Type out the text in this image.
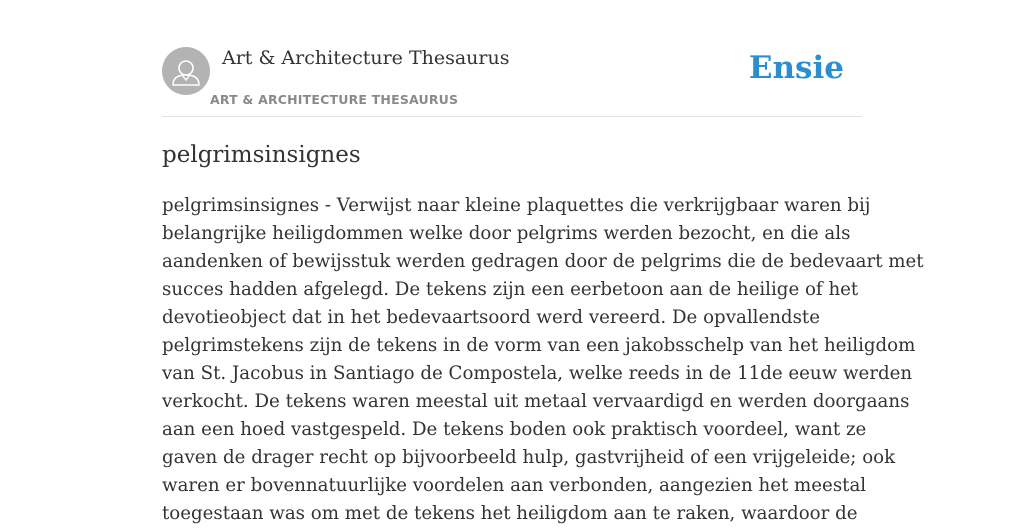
Art & Architecture Thesaurus
ART & ARCHITECTURE THESAURUS
Ensie
pelgrimsinsignes

pelgrimsinsignes - Verwijst naar kleine plaquettes die verkrijgbaar waren bij
belangrijke heiligdommen welke door pelgrims werden bezocht, en die als
aandenken of bewijsstuk werden gedragen door de pelgrims die de bedevaart met
succes hadden afgelegd. De tekens zijn een eerbetoon aan de heilige of het
devotieobject dat in het bedevaartsoord werd vereerd. De opvallendste
pelgrimstekens zijn de tekens in de vorm van een jakobsschelp van het heiligdom
van St. Jacobus in Santiago de Compostela, welke reeds in de 11de eeuw werden
verkocht. De tekens waren meestal uit metaal vervaardigd en werden doorgaans
aan een hoed vastgespeld. De tekens boden ook praktisch voordeel, want ze
gaven de drager recht op bijvoorbeeld hulp, gastvrijheid of een vrijgeleide; ook
waren er bovennatuurlijke voordelen aan verbonden, aangezien het meestal
toegestaan was om met de tekens het heiligdom aan te raken, waardoor de
